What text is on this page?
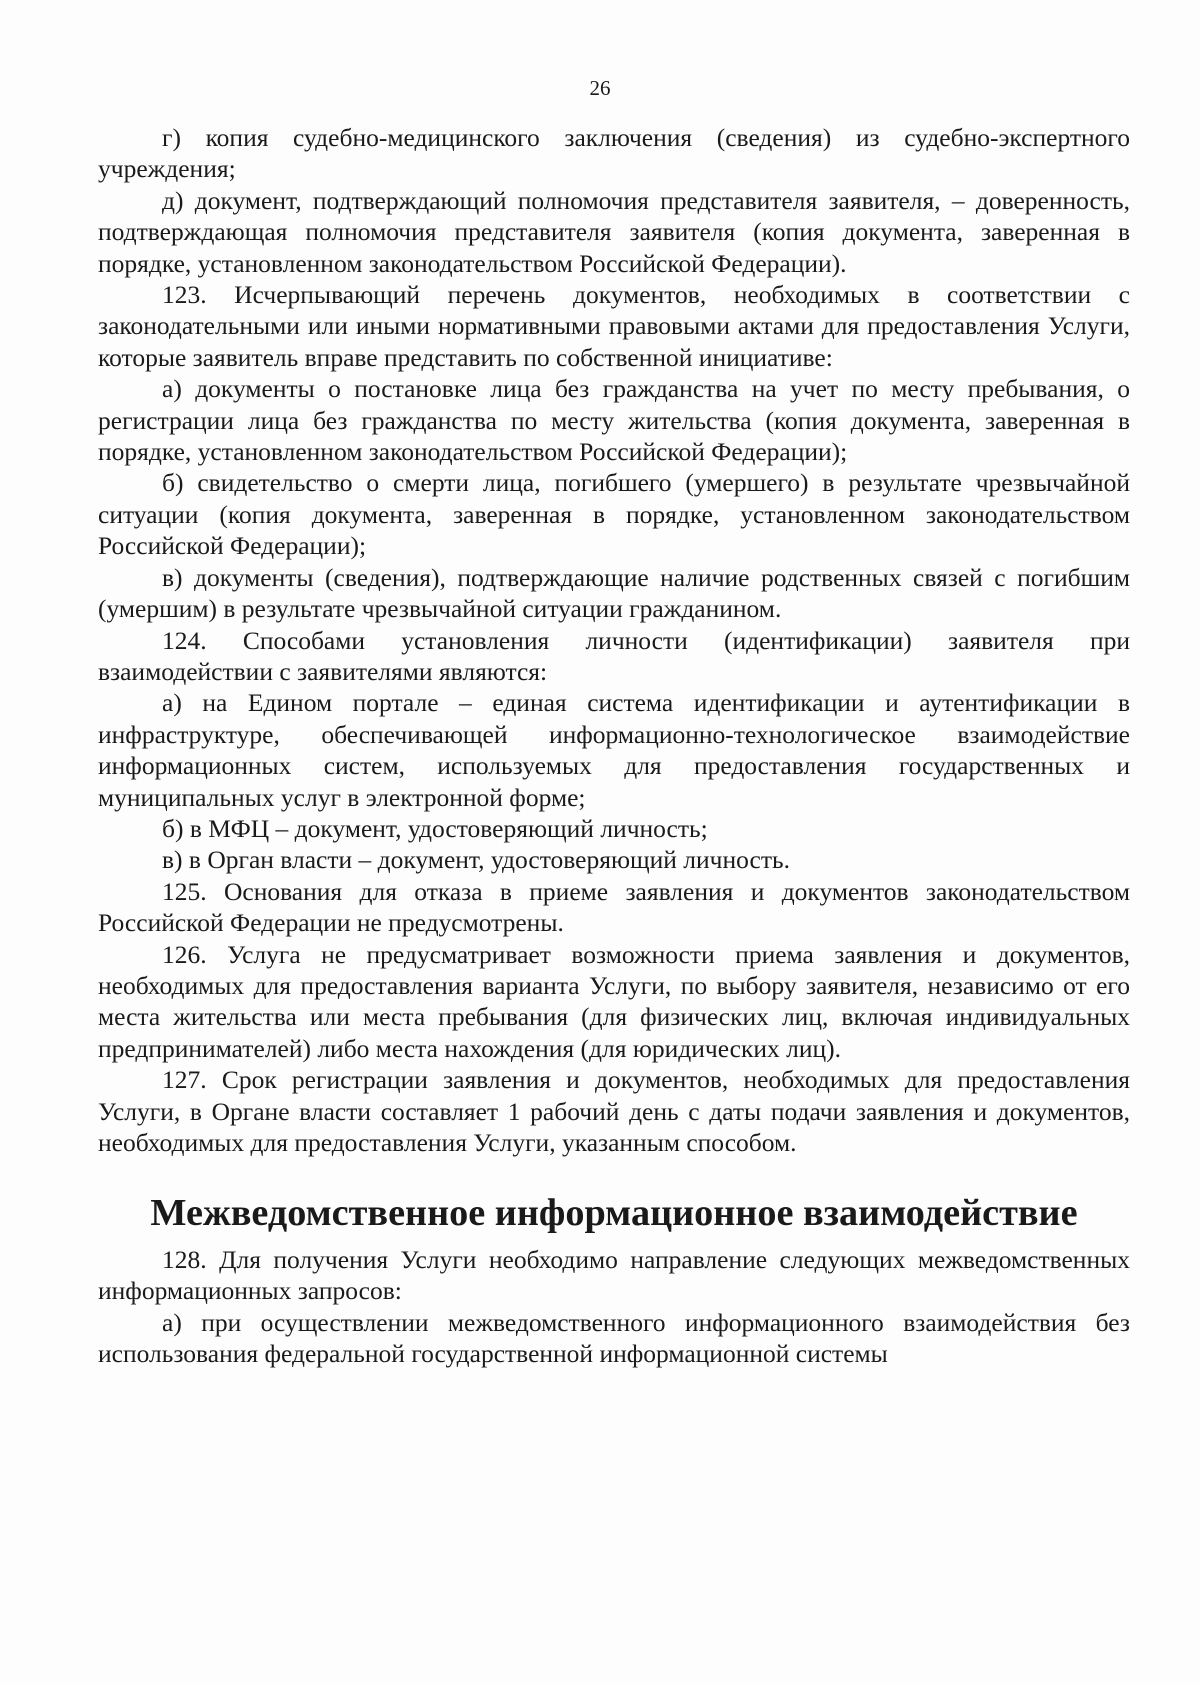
26

г) копия судебно-медицинского заключения (сведения) из судебно-экспертного учреждения;

д) документ, подтверждающий полномочия представителя заявителя, – доверенность, подтверждающая полномочия представителя заявителя (копия документа, заверенная в порядке, установленном законодательством Российской Федерации).

123. Исчерпывающий перечень документов, необходимых в соответствии с законодательными или иными нормативными правовыми актами для предоставления Услуги, которые заявитель вправе представить по собственной инициативе:

а) документы о постановке лица без гражданства на учет по месту пребывания, о регистрации лица без гражданства по месту жительства (копия документа, заверенная в порядке, установленном законодательством Российской Федерации);

б) свидетельство о смерти лица, погибшего (умершего) в результате чрезвычайной ситуации (копия документа, заверенная в порядке, установленном законодательством Российской Федерации);

в) документы (сведения), подтверждающие наличие родственных связей с погибшим (умершим) в результате чрезвычайной ситуации гражданином.

124. Способами установления личности (идентификации) заявителя при взаимодействии с заявителями являются:

а) на Едином портале – единая система идентификации и аутентификации в инфраструктуре, обеспечивающей информационно-технологическое взаимодействие информационных систем, используемых для предоставления государственных и муниципальных услуг в электронной форме;

б) в МФЦ – документ, удостоверяющий личность;

в) в Орган власти – документ, удостоверяющий личность.

125. Основания для отказа в приеме заявления и документов законодательством Российской Федерации не предусмотрены.

126. Услуга не предусматривает возможности приема заявления и документов, необходимых для предоставления варианта Услуги, по выбору заявителя, независимо от его места жительства или места пребывания (для физических лиц, включая индивидуальных предпринимателей) либо места нахождения (для юридических лиц).

127. Срок регистрации заявления и документов, необходимых для предоставления Услуги, в Органе власти составляет 1 рабочий день с даты подачи заявления и документов, необходимых для предоставления Услуги, указанным способом.

Межведомственное информационное взаимодействие

128. Для получения Услуги необходимо направление следующих межведомственных информационных запросов:

а) при осуществлении межведомственного информационного взаимодействия без использования федеральной государственной информационной системы
